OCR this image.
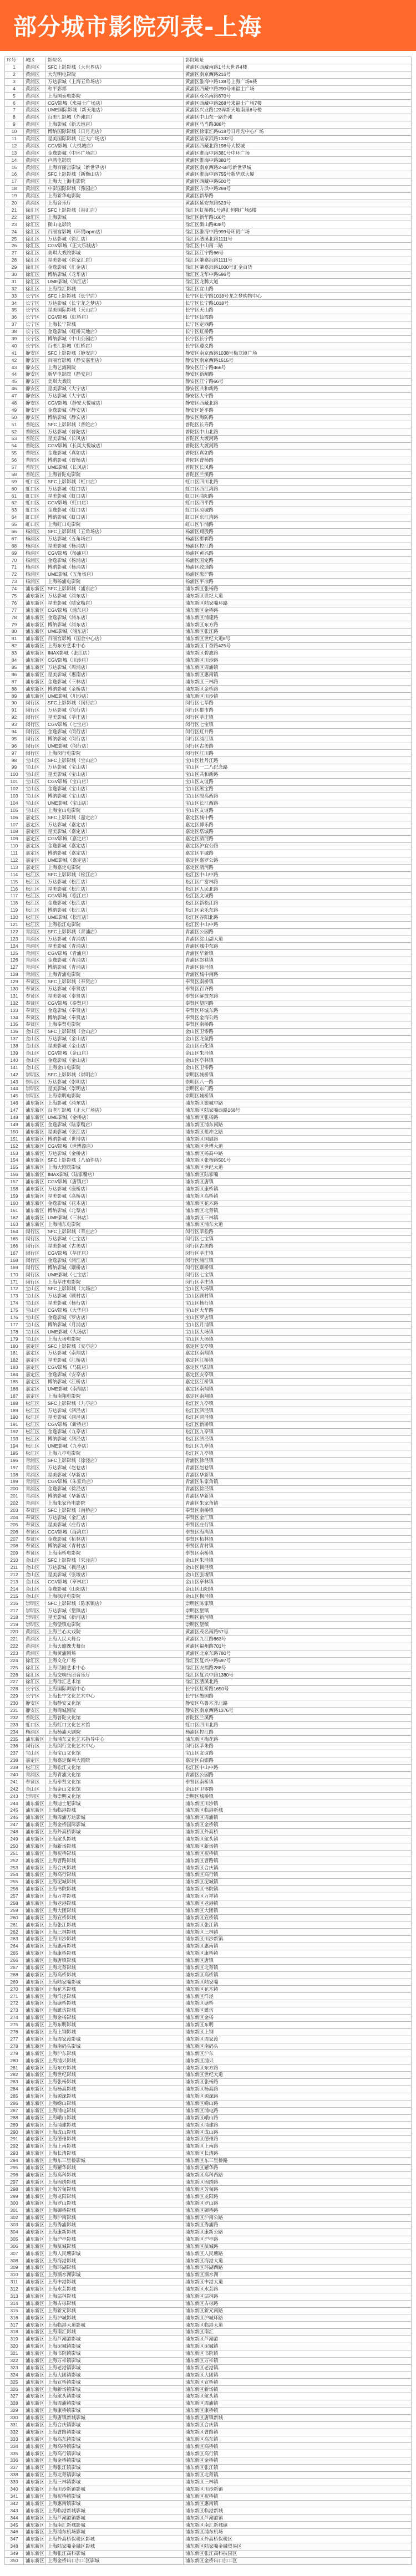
部分城市影院列表-上海
序号	城区	影院名	影院地址
1	黄浦区	SFC上影影城（大世界店）	黄浦区西藏南路1号大世界4楼
2	黄浦区	大光明电影院	黄浦区南京西路216号
3	黄浦区	万达影城（上海五角场店）	黄浦区淮海中路138号上海广场6楼
4	黄浦区	和平影都	黄浦区西藏中路290号来福士广场
5	黄浦区	上海国泰电影院	黄浦区茂名南路870号
6	黄浦区	CGV影城（来福士广场店）	黄浦区西藏中路268号来福士广场7楼
7	黄浦区	UME国际影城（新天地店）	黄浦区兴业路123弄新天地南里6号楼
8	黄浦区	百美汇影城（外滩店）	黄浦区中山东一路外滩
9	黄浦区	上海影城（新天地店）	黄浦区马当路388号
10	黄浦区	博纳国际影城（日月光店）	黄浦区徐家汇路618号日月光中心广场
11	黄浦区	星美国际影城（正大广场店）	黄浦区陆家浜路1332号
12	黄浦区	CGV影城（大悦城店）	黄浦区西藏北路198号大悦城
13	黄浦区	金逸影城（中环广场店）	黄浦区淮海中路381号中环广场
14	黄浦区	卢湾电影院	黄浦区淮海中路380号
15	黄浦区	上海百丽宫影城（新世界店）	黄浦区南京西路2-68号新世界城
16	黄浦区	SFC上影影城（新衡山店）	黄浦区淮海中路755号新华联大厦
17	黄浦区	上海大上海电影院	黄浦区西藏中路500号
18	黄浦区	中影国际影城（豫园店）	黄浦区方浜中路269号
19	黄浦区	上海新华电影院	黄浦区新华路
20	黄浦区	上海音乐厅	黄浦区延安东路523号
21	徐汇区	SFC上影影城（港汇店）	徐汇区虹桥路1号港汇恒隆广场6楼
22	徐汇区	上海影城	徐汇区新华路160号
23	徐汇区	衡山电影院	徐汇区衡山路838号
24	徐汇区	百丽宫影城（环贸iapm店）	徐汇区淮海中路999号环贸广场
25	徐汇区	万达影城（徐汇店）	徐汇区漕溪北路1111号
26	徐汇区	CGV影城（正大乐城店）	徐汇区中山南二路
27	徐汇区	美琪大戏院影城	徐汇区江宁路66号
28	徐汇区	星美影城（徐家汇店）	徐汇区肇嘉浜路1111号
29	徐汇区	金逸影城（汇金店）	徐汇区肇嘉浜路1000号汇金百货
30	徐汇区	博纳影城（龙华店）	徐汇区龙华中路596号
31	徐汇区	UME影城（滨江店）	徐汇区龙腾大道
32	徐汇区	上海徐汇影城	徐汇区宜山路
33	长宁区	SFC上影影城（长宁店）	长宁区长宁路1018号龙之梦购物中心
34	长宁区	万达影城（长宁龙之梦店）	长宁区长宁路1018号
35	长宁区	星美国际影城（天山店）	长宁区天山路
36	长宁区	CGV影城（虹桥店）	长宁区仙霞路
37	长宁区	上海长宁影城	长宁区定西路
38	长宁区	金逸影城（虹桥天地店）	长宁区虹桥路
39	长宁区	博纳影城（中山公园店）	长宁区长宁路
40	长宁区	百老汇影城（虹桥店）	长宁区遵义路
41	静安区	SFC上影影城（静安店）	静安区南京西路1038号梅龙镇广场
42	静安区	百丽宫影城（静安嘉里店）	静安区南京西路1515号
43	静安区	上海艺海剧院	静安区江宁路466号
44	静安区	新华电影院（静安店）	静安区新闸路
45	静安区	美琪大戏院	静安区江宁路66号
46	静安区	星美影城（大宁店）	静安区共和新路
47	静安区	万达影城（大宁店）	静安区大宁路
48	静安区	CGV影城（静安大悦城店）	静安区西藏北路
49	静安区	金逸影城（静安店）	静安区延平路
50	静安区	博纳影城（静安店）	静安区海防路
51	普陀区	SFC上影影城（普陀店）	普陀区长寿路
52	普陀区	万达影城（普陀店）	普陀区中山北路
53	普陀区	星美影城（长风店）	普陀区大渡河路
54	普陀区	CGV影城（长风大悦城店）	普陀区大渡河路
55	普陀区	金逸影城（真如店）	普陀区真如路
56	普陀区	博纳影城（曹杨店）	普陀区曹杨路
57	普陀区	UME影城（长风店）	普陀区长风路
58	普陀区	上海普陀电影院	普陀区兰溪路
59	虹口区	SFC上影影城（虹口店）	虹口区四川北路
60	虹口区	万达影城（虹口店）	虹口区西江湾路
61	虹口区	星美影城（虹口店）	虹口区曲阳路
62	虹口区	CGV影城（虹口店）	虹口区四平路
63	虹口区	金逸影城（虹口店）	虹口区凉城路
64	虹口区	博纳影城（虹口店）	虹口区东江湾路
65	虹口区	上海虹口电影院	虹口区乍浦路
66	杨浦区	SFC上影影城（五角场店）	杨浦区翔殷路
67	杨浦区	万达影城（五角场店）	杨浦区邯郸路
68	杨浦区	星美影城（杨浦店）	杨浦区控江路
69	杨浦区	CGV影城（杨浦店）	杨浦区黄兴路
70	杨浦区	金逸影城（杨浦店）	杨浦区国定路
71	杨浦区	博纳影城（杨浦店）	杨浦区政通路
72	杨浦区	UME影城（五角场店）	杨浦区淞沪路
73	杨浦区	上海杨浦电影院	杨浦区平凉路
74	浦东新区	SFC上影影城（浦东店）	浦东新区张杨路
75	浦东新区	万达影城（浦东店）	浦东新区世纪大道
76	浦东新区	星美影城（陆家嘴店）	浦东新区陆家嘴环路
77	浦东新区	CGV影城（浦东店）	浦东新区金桥路
78	浦东新区	金逸影城（浦东店）	浦东新区浦建路
79	浦东新区	博纳影城（浦东店）	浦东新区东方路
80	浦东新区	UME影城（浦东店）	浦东新区张江路
81	浦东新区	百丽宫影城（国金中心店）	浦东新区世纪大道8号
82	浦东新区	上海东方艺术中心	浦东新区丁香路425号
83	浦东新区	IMAX影城（张江店）	浦东新区碧波路
84	浦东新区	CGV影城（川沙店）	浦东新区川沙路
85	浦东新区	万达影城（周浦店）	浦东新区周浦镇
86	浦东新区	星美影城（惠南店）	浦东新区惠南镇
87	浦东新区	金逸影城（三林店）	浦东新区三林路
88	浦东新区	博纳影城（金桥店）	浦东新区金桥路
89	浦东新区	UME影城（川沙店）	浦东新区川沙镇
90	闵行区	SFC上影影城（闵行店）	闵行区七莘路
91	闵行区	万达影城（闵行店）	闵行区都市路
92	闵行区	星美影城（莘庄店）	闵行区莘庄镇
93	闵行区	CGV影城（七宝店）	闵行区七宝镇
94	闵行区	金逸影城（闵行店）	闵行区虹井路
95	闵行区	博纳影城（闵行店）	闵行区浦江镇
96	闵行区	UME影城（闵行店）	闵行区古美路
97	闵行区	上海闵行电影院	闵行区江川路
98	宝山区	SFC上影影城（宝山店）	宝山区牡丹江路
99	宝山区	万达影城（宝山店）	宝山区一二八纪念路
100	宝山区	星美影城（宝山店）	宝山区共和新路
101	宝山区	CGV影城（宝山店）	宝山区友谊路
102	宝山区	金逸影城（宝山店）	宝山区淞宝路
103	宝山区	博纳影城（宝山店）	宝山区殷高西路
104	宝山区	UME影城（宝山店）	宝山区长江西路
105	宝山区	上海宝山电影院	宝山区友谊路
106	嘉定区	SFC上影影城（嘉定店）	嘉定区城中路
107	嘉定区	万达影城（嘉定店）	嘉定区博乐路
108	嘉定区	星美影城（嘉定店）	嘉定区塔城路
109	嘉定区	CGV影城（嘉定店）	嘉定区清河路
110	嘉定区	金逸影城（嘉定店）	嘉定区沪宜公路
111	嘉定区	博纳影城（嘉定店）	嘉定区平城路
112	嘉定区	UME影城（嘉定店）	嘉定区嘉罗公路
113	嘉定区	上海嘉定电影院	嘉定区清河路
114	松江区	SFC上影影城（松江店）	松江区中山中路
115	松江区	万达影城（松江店）	松江区广富林路
116	松江区	星美影城（松江店）	松江区人民北路
117	松江区	CGV影城（松江店）	松江区文诚路
118	松江区	金逸影城（松江店）	松江区新松江路
119	松江区	博纳影城（松江店）	松江区荣乐东路
120	松江区	UME影城（松江店）	松江区谷阳北路
121	松江区	上海松江电影院	松江区中山中路
122	青浦区	SFC上影影城（青浦店）	青浦区公园路
123	青浦区	万达影城（青浦店）	青浦区淀山湖大道
124	青浦区	星美影城（青浦店）	青浦区城中东路
125	青浦区	CGV影城（青浦店）	青浦区华新镇
126	青浦区	金逸影城（青浦店）	青浦区赵巷镇
127	青浦区	博纳影城（青浦店）	青浦区徐泾镇
128	青浦区	上海青浦电影院	青浦区城中南路
129	奉贤区	SFC上影影城（奉贤店）	奉贤区南桥镇
130	奉贤区	万达影城（奉贤店）	奉贤区百齐路
131	奉贤区	星美影城（奉贤店）	奉贤区解放东路
132	奉贤区	CGV影城（奉贤店）	奉贤区望园路
133	奉贤区	金逸影城（奉贤店）	奉贤区环城东路
134	奉贤区	博纳影城（奉贤店）	奉贤区金海公路
135	奉贤区	上海奉贤电影院	奉贤区南桥路
136	金山区	SFC上影影城（金山店）	金山区卫零路
137	金山区	万达影城（金山店）	金山区龙航路
138	金山区	星美影城（金山店）	金山区石化镇
139	金山区	CGV影城（金山店）	金山区朱泾镇
140	金山区	金逸影城（金山店）	金山区亭林镇
141	金山区	上海金山电影院	金山区卫零路
142	崇明区	SFC上影影城（崇明店）	崇明区城桥镇
143	崇明区	万达影城（崇明店）	崇明区八一路
144	崇明区	星美影城（崇明店）	崇明区东门路
145	崇明区	上海崇明电影院	崇明区城桥镇
146	浦东新区	上海影城（浦东店）	浦东新区银城中路
147	浦东新区	百老汇影城（正大广场店）	浦东新区陆家嘴西路168号
148	浦东新区	UME影城（金桥店）	浦东新区张杨路
149	浦东新区	金逸影城（陆家嘴店）	浦东新区浦东南路
150	浦东新区	星美影城（张江店）	浦东新区祖冲之路
151	浦东新区	博纳影城（世博店）	浦东新区国展路
152	浦东新区	CGV影城（世博源店）	浦东新区世博大道
153	浦东新区	万达影城（金桥店）	浦东新区杨高中路
154	浦东新区	SFC上影影城（八佰伴店）	浦东新区张杨路501号
155	浦东新区	上海大剧院影城	浦东新区世纪大道
156	浦东新区	IMAX影城（陆家嘴店）	浦东新区陆家嘴
157	浦东新区	CGV影城（唐镇店）	浦东新区唐镇
158	浦东新区	万达影城（康桥店）	浦东新区康桥镇
159	浦东新区	星美影城（高桥店）	浦东新区高桥镇
160	浦东新区	金逸影城（花木店）	浦东新区花木路
161	浦东新区	博纳影城（北蔡店）	浦东新区北蔡镇
162	浦东新区	UME影城（三林店）	浦东新区三林镇
163	浦东新区	上海浦东电影院	浦东新区浦东大道
164	闵行区	SFC上影影城（莘庄店）	闵行区莘松路
165	闵行区	万达影城（七宝店）	闵行区七宝镇
166	闵行区	星美影城（古美店）	闵行区古美路
167	闵行区	CGV影城（莘庄店）	闵行区莘庄镇
168	闵行区	金逸影城（浦江店）	闵行区浦江镇
169	闵行区	博纳影城（颛桥店）	闵行区颛桥镇
170	闵行区	UME影城（七宝店）	闵行区七宝镇
171	闵行区	上海莘庄电影院	闵行区莘庄镇
172	宝山区	SFC上影影城（大场店）	宝山区大场镇
173	宝山区	万达影城（顾村店）	宝山区顾村镇
174	宝山区	星美影城（杨行店）	宝山区杨行镇
175	宝山区	CGV影城（大华店）	宝山区大华路
176	宝山区	金逸影城（罗店店）	宝山区罗店镇
177	宝山区	博纳影城（月浦店）	宝山区月浦镇
178	宝山区	UME影城（大场店）	宝山区大场镇
179	宝山区	上海大场电影院	宝山区大场镇
180	嘉定区	SFC上影影城（安亭店）	嘉定区安亭镇
181	嘉定区	万达影城（南翔店）	嘉定区南翔镇
182	嘉定区	星美影城（江桥店）	嘉定区江桥镇
183	嘉定区	CGV影城（马陆店）	嘉定区马陆镇
184	嘉定区	金逸影城（安亭店）	嘉定区安亭镇
185	嘉定区	博纳影城（江桥店）	嘉定区江桥镇
186	嘉定区	UME影城（南翔店）	嘉定区南翔镇
187	嘉定区	上海南翔电影院	嘉定区南翔镇
188	松江区	SFC上影影城（九亭店）	松江区九亭镇
189	松江区	万达影城（泗泾店）	松江区泗泾镇
190	松江区	星美影城（洞泾店）	松江区洞泾镇
191	松江区	CGV影城（新桥店）	松江区新桥镇
192	松江区	金逸影城（九亭店）	松江区九亭镇
193	松江区	博纳影城（泗泾店）	松江区泗泾镇
194	松江区	UME影城（九亭店）	松江区九亭镇
195	松江区	上海九亭电影院	松江区九亭镇
196	青浦区	SFC上影影城（徐泾店）	青浦区徐泾镇
197	青浦区	万达影城（赵巷店）	青浦区赵巷镇
198	青浦区	星美影城（华新店）	青浦区华新镇
199	青浦区	CGV影城（朱家角店）	青浦区朱家角镇
200	青浦区	金逸影城（徐泾店）	青浦区徐泾镇
201	青浦区	博纳影城（华新店）	青浦区华新镇
202	青浦区	上海朱家角电影院	青浦区朱家角镇
203	奉贤区	SFC上影影城（南桥店）	奉贤区南桥镇
204	奉贤区	万达影城（金汇店）	奉贤区金汇镇
205	奉贤区	星美影城（庄行店）	奉贤区庄行镇
206	奉贤区	CGV影城（海湾店）	奉贤区海湾镇
207	奉贤区	金逸影城（柘林店）	奉贤区柘林镇
208	奉贤区	博纳影城（青村店）	奉贤区青村镇
209	奉贤区	上海南桥电影院	奉贤区南桥镇
210	金山区	SFC上影影城（朱泾店）	金山区朱泾镇
211	金山区	万达影城（枫泾店）	金山区枫泾镇
212	金山区	星美影城（张堰店）	金山区张堰镇
213	金山区	CGV影城（亭林店）	金山区亭林镇
214	金山区	金逸影城（山阳店）	金山区山阳镇
215	金山区	上海枫泾电影院	金山区枫泾镇
216	崇明区	SFC上影影城（陈家镇店）	崇明区陈家镇
217	崇明区	万达影城（堡镇店）	崇明区堡镇
218	崇明区	星美影城（新河店）	崇明区新河镇
219	崇明区	上海堡镇电影院	崇明区堡镇
220	黄浦区	上海兰心大戏院	黄浦区茂名南路57号
221	黄浦区	上海人民大舞台	黄浦区九江路663号
222	黄浦区	上海天蟾逸夫舞台	黄浦区福州路701号
223	黄浦区	上海黄浦剧场	黄浦区北京东路780号
224	徐汇区	上海文化广场	徐汇区复兴中路597号
225	徐汇区	上海话剧艺术中心	徐汇区安福路288号
226	徐汇区	上海交响乐团音乐厅	徐汇区复兴中路1380号
227	徐汇区	上海徐汇艺术馆	徐汇区漕溪北路
228	长宁区	上海国际舞蹈中心	长宁区虹桥路1650号
229	长宁区	上海长宁文化艺术中心	长宁区愚园路
230	静安区	上海静安文化馆	静安区乌鲁木齐北路
231	静安区	上海商城剧院	静安区南京西路1376号
232	普陀区	上海普陀文化馆	普陀区兰溪路
233	虹口区	上海虹口文化艺术馆	虹口区四川北路
234	杨浦区	上海杨浦大剧院	杨浦区控江路
235	浦东新区	上海浦东文化艺术指导中心	浦东新区梅花路
236	闵行区	上海闵行文化艺术中心	闵行区莘朱路
237	宝山区	上海宝山文化馆	宝山区友谊路
238	嘉定区	上海嘉定保利大剧院	嘉定区白银路
239	松江区	上海松江文化馆	松江区中山中路
240	青浦区	上海青浦文化馆	青浦区公园路
241	奉贤区	上海奉贤文化馆	奉贤区南桥镇
242	金山区	上海金山文化馆	金山区卫零路
243	崇明区	上海崇明文化馆	崇明区城桥镇
244	浦东新区	上海迪士尼影城	浦东新区川沙镇
245	浦东新区	上海临港影城	浦东新区临港新城
246	浦东新区	上海周浦万达影城	浦东新区周浦镇
247	浦东新区	上海金桥国际影城	浦东新区金桥镇
248	浦东新区	上海外高桥影城	浦东新区外高桥
249	浦东新区	上海航头影城	浦东新区航头镇
250	浦东新区	上海新场影城	浦东新区新场镇
251	浦东新区	上海祝桥影城	浦东新区祝桥镇
252	浦东新区	上海曹路影城	浦东新区曹路镇
253	浦东新区	上海合庆影城	浦东新区合庆镇
254	浦东新区	上海高行影城	浦东新区高行镇
255	浦东新区	上海泥城影城	浦东新区泥城镇
256	浦东新区	上海书院影城	浦东新区书院镇
257	浦东新区	上海万祥影城	浦东新区万祥镇
258	浦东新区	上海老港影城	浦东新区老港镇
259	浦东新区	上海大团影城	浦东新区大团镇
260	浦东新区	上海宣桥影城	浦东新区宣桥镇
261	浦东新区	上海张江影城	浦东新区张江镇
262	浦东新区	上海三林影城	浦东新区三林镇
263	浦东新区	上海川沙影城	浦东新区川沙新镇
264	浦东新区	上海惠南影城	浦东新区惠南镇
265	浦东新区	上海康桥影城	浦东新区康桥镇
266	浦东新区	上海唐镇影城	浦东新区唐镇
267	浦东新区	上海北蔡影城	浦东新区北蔡镇
268	浦东新区	上海高桥影城	浦东新区高桥镇
269	浦东新区	上海陆家嘴影城	浦东新区陆家嘴
270	浦东新区	上海花木影城	浦东新区花木镇
271	浦东新区	上海洋泾影城	浦东新区洋泾
272	浦东新区	上海塘桥影城	浦东新区塘桥
273	浦东新区	上海潍坊影城	浦东新区潍坊
274	浦东新区	上海金杨影城	浦东新区金杨
275	浦东新区	上海东明影城	浦东新区东明
276	浦东新区	上海上钢影城	浦东新区上钢
277	浦东新区	上海周家渡影城	浦东新区周家渡
278	浦东新区	上海南码头影城	浦东新区南码头
279	浦东新区	上海沪东影城	浦东新区沪东
280	浦东新区	上海浦兴影城	浦东新区浦兴
281	浦东新区	上海东方影城	浦东新区东方路
282	浦东新区	上海世纪影城	浦东新区世纪大道
283	浦东新区	上海张杨影城	浦东新区张杨路
284	浦东新区	上海杨高影城	浦东新区杨高路
285	浦东新区	上海源深影城	浦东新区源深路
286	浦东新区	上海崂山影城	浦东新区崂山路
287	浦东新区	上海浦电影城	浦东新区浦电路
288	浦东新区	上海峨山影城	浦东新区峨山路
289	浦东新区	上海浦建影城	浦东新区浦建路
290	浦东新区	上海成山影城	浦东新区成山路
291	浦东新区	上海德州影城	浦东新区德州路
292	浦东新区	上海上南影城	浦东新区上南路
293	浦东新区	上海长清影城	浦东新区长清路
294	浦东新区	上海东三里桥影城	浦东新区东三里桥路
295	浦东新区	上海耀华影城	浦东新区耀华路
296	浦东新区	上海高科影城	浦东新区高科西路
297	浦东新区	上海锦绣影城	浦东新区锦绣路
298	浦东新区	上海芳甸影城	浦东新区芳甸路
299	浦东新区	上海龙阳影城	浦东新区龙阳路
300	浦东新区	上海罗山影城	浦东新区罗山路
301	浦东新区	上海御桥影城	浦东新区御桥路
302	浦东新区	上海沪南影城	浦东新区沪南公路
303	浦东新区	上海秀浦影城	浦东新区秀浦路
304	浦东新区	上海康新影城	浦东新区康新公路
305	浦东新区	上海沪亭影城	浦东新区沪亭路
306	浦东新区	上海航城影城	浦东新区航城路
307	浦东新区	上海人民塘影城	浦东新区人民塘路
308	浦东新区	上海海港影城	浦东新区海港大道
309	浦东新区	上海环湖影城	浦东新区环湖西路
310	浦东新区	上海滴水湖影城	浦东新区滴水湖
311	浦东新区	上海申港影城	浦东新区申港大道
312	浦东新区	上海水芸影城	浦东新区水芸路
313	浦东新区	上海层林影城	浦东新区层林路
314	浦东新区	上海古棕影城	浦东新区古棕路
315	浦东新区	上海新元影城	浦东新区新元南路
316	浦东新区	上海沪城影城	浦东新区沪城环路
317	浦东新区	上海临港大道影城	浦东新区临港大道
318	浦东新区	上海南汇影城	浦东新区南汇
319	浦东新区	上海芦潮港影城	浦东新区芦潮港
320	浦东新区	上海泥城镇影城	浦东新区泥城镇
321	浦东新区	上海书院镇影城	浦东新区书院镇
322	浦东新区	上海万祥镇影城	浦东新区万祥镇
323	浦东新区	上海老港镇影城	浦东新区老港镇
324	浦东新区	上海大团镇影城	浦东新区大团镇
325	浦东新区	上海宣桥镇影城	浦东新区宣桥镇
326	浦东新区	上海新场镇影城	浦东新区新场镇
327	浦东新区	上海航头镇影城	浦东新区航头镇
328	浦东新区	上海周浦镇影城	浦东新区周浦镇
329	浦东新区	上海康桥镇影城	浦东新区康桥镇
330	浦东新区	上海唐镇新城影城	浦东新区唐镇新城
331	浦东新区	上海合庆镇影城	浦东新区合庆镇
332	浦东新区	上海曹路镇影城	浦东新区曹路镇
333	浦东新区	上海高东镇影城	浦东新区高东镇
334	浦东新区	上海高桥镇影城	浦东新区高桥镇
335	浦东新区	上海高行镇影城	浦东新区高行镇
336	浦东新区	上海金桥镇影城	浦东新区金桥镇
337	浦东新区	上海张江镇影城	浦东新区张江镇
338	浦东新区	上海北蔡镇影城	浦东新区北蔡镇
339	浦东新区	上海三林镇影城	浦东新区三林镇
340	浦东新区	上海川沙新镇影城	浦东新区川沙新镇
341	浦东新区	上海祝桥镇影城	浦东新区祝桥镇
342	浦东新区	上海惠南镇影城	浦东新区惠南镇
343	浦东新区	上海临港新城影城	浦东新区临港新城
344	浦东新区	上海芦潮港镇影城	浦东新区芦潮港镇
345	浦东新区	上海南汇新城影城	浦东新区南汇新城镇
346	浦东新区	上海浦东机场影城	浦东新区浦东机场
347	浦东新区	上海外高桥保税区影城	浦东新区外高桥保税区
348	浦东新区	上海陆家嘴金融区影城	浦东新区陆家嘴金融贸易区
349	浦东新区	上海张江高科影城	浦东新区张江高科技园区
350	浦东新区	上海金桥出口加工区影城	浦东新区金桥出口加工区
